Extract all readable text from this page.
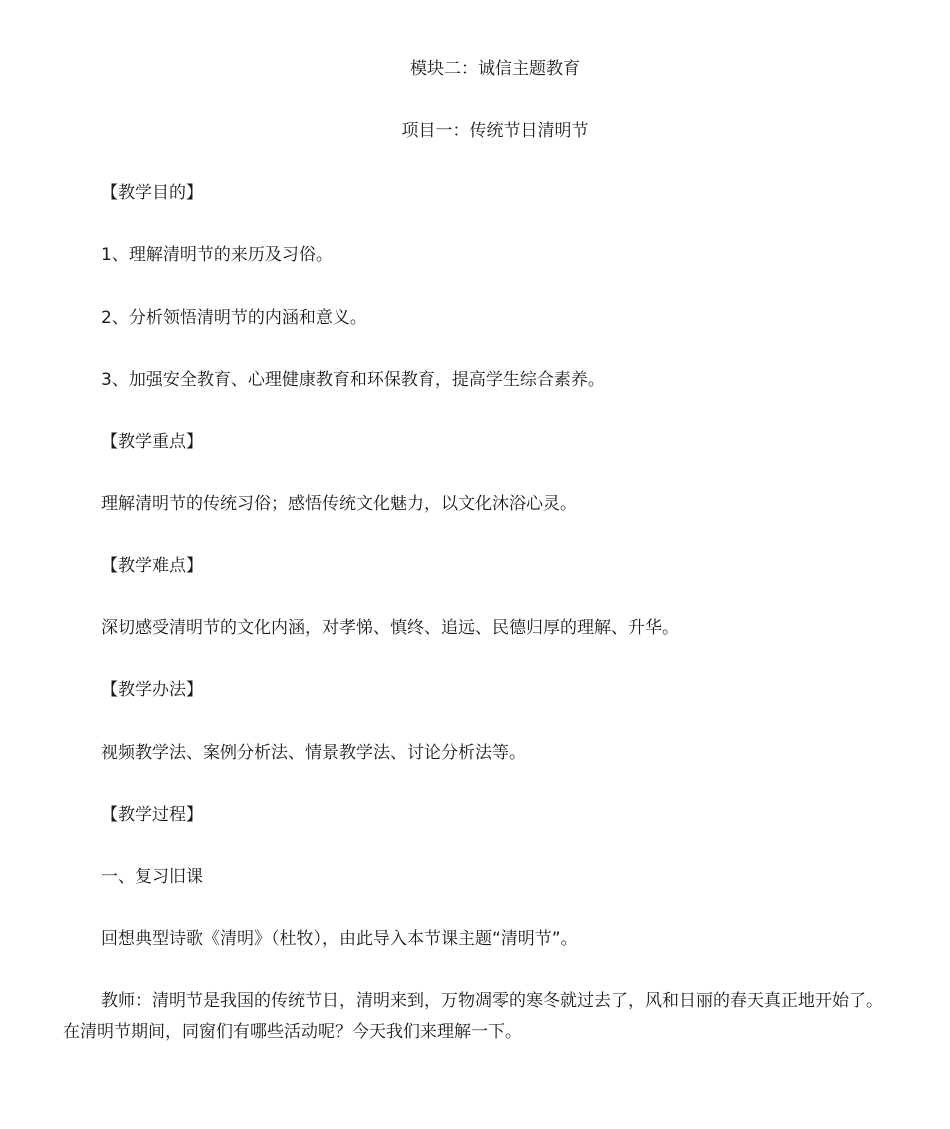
模块二：诚信主题教育

项目一：传统节日清明节

【教学目的】

1、理解清明节的来历及习俗。

2、分析领悟清明节的内涵和意义。

3、加强安全教育、心理健康教育和环保教育，提高学生综合素养。

【教学重点】

理解清明节的传统习俗；感悟传统文化魅力，以文化沐浴心灵。

【教学难点】

深切感受清明节的文化内涵，对孝悌、慎终、追远、民德归厚的理解、升华。

【教学办法】

视频教学法、案例分析法、情景教学法、讨论分析法等。

【教学过程】

一、复习旧课

回想典型诗歌《清明》（杜牧），由此导入本节课主题“清明节”。

教师：清明节是我国的传统节日，清明来到，万物凋零的寒冬就过去了，风和日丽的春天真正地开始了。在清明节期间，同窗们有哪些活动呢？今天我们来理解一下。
